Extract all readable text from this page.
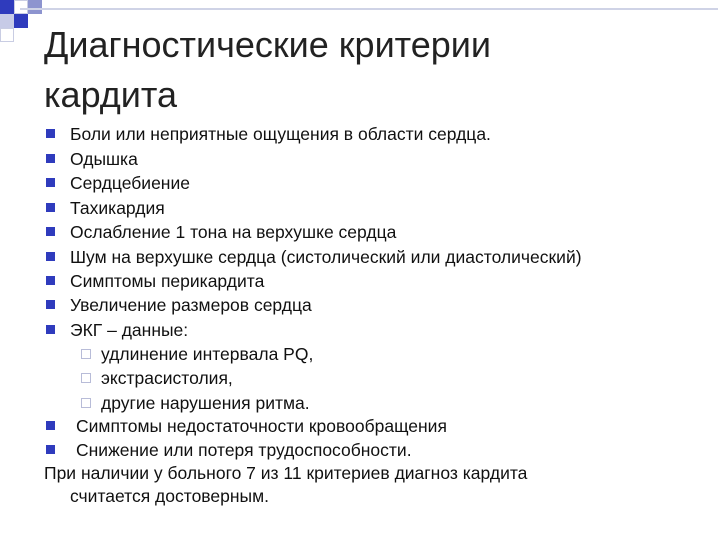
Диагностические критерии
кардита
Боли или неприятные ощущения в области сердца.
Одышка
Сердцебиение
Тахикардия
Ослабление 1 тона на верхушке сердца
Шум на верхушке сердца (систолический или диастолический)
Симптомы перикардита
Увеличение размеров сердца
ЭКГ – данные:
удлинение интервала PQ,
экстрасистолия,
другие нарушения ритма.
Симптомы недостаточности кровообращения
Снижение или потеря трудоспособности.
При наличии у больного 7 из 11 критериев диагноз кардита
считается достоверным.
